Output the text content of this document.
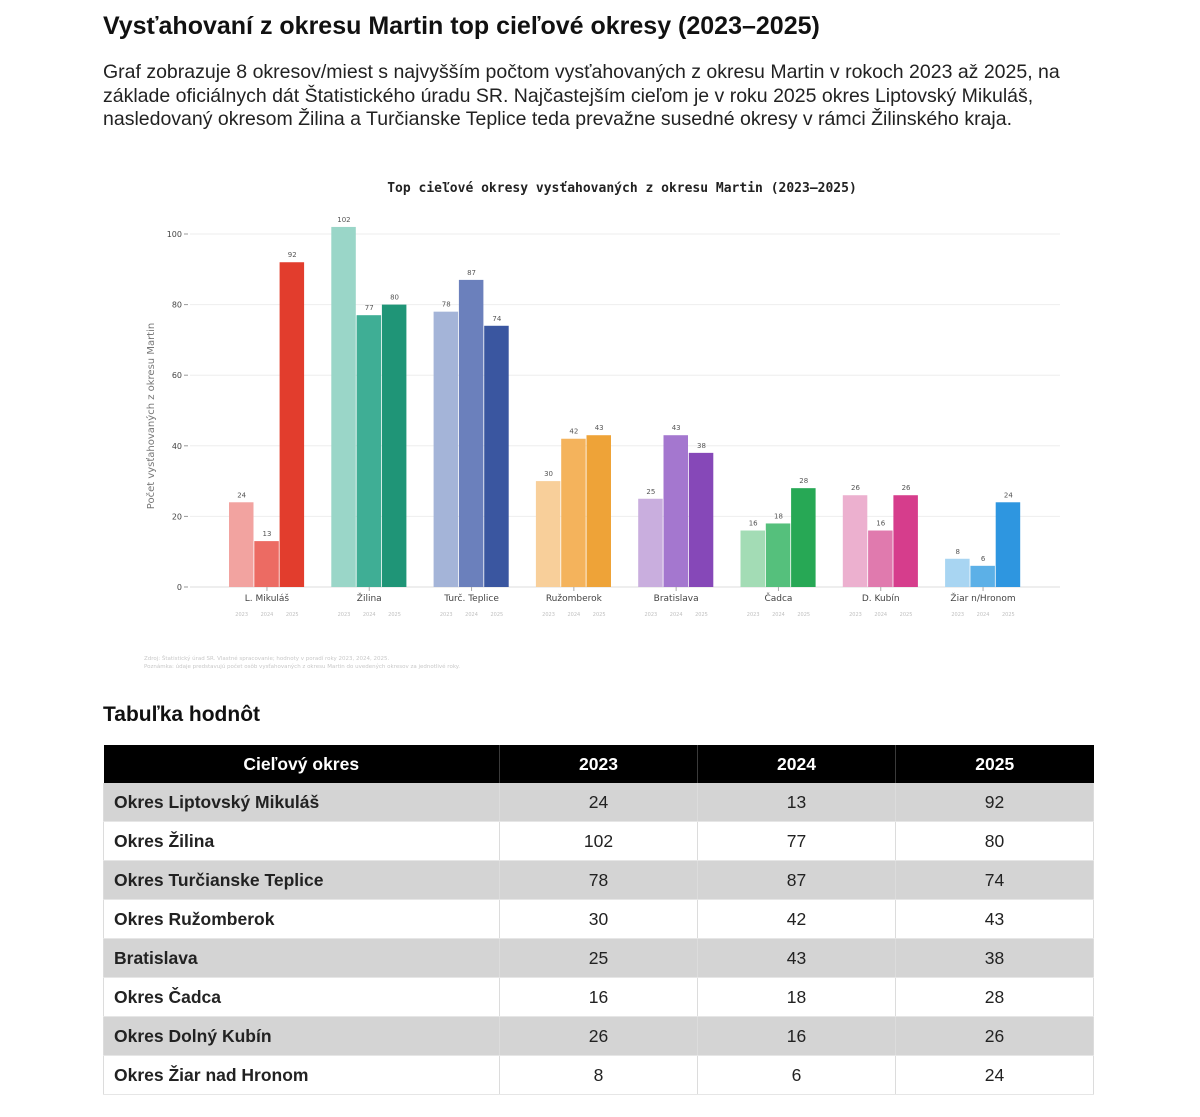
Vysťahovaní z okresu Martin top cieľové okresy (2023–2025)

Graf zobrazuje 8 okresov/miest s najvyšším počtom vysťahovaných z okresu Martin v rokoch 2023 až 2025, na základe oficiálnych dát Štatistického úradu SR. Najčastejším cieľom je v roku 2025 okres Liptovský Mikuláš, nasledovaný okresom Žilina a Turčianske Teplice teda prevažne susedné okresy v rámci Žilinského kraja.

Top cieľové okresy vysťahovaných z okresu Martin (2023–2025)
0
20
40
60
80
100
Počet vysťahovaných z okresu Martin	24
13
92
102
77
80
78
87
74
30
42 43
25
43
38
16
18
28
26
16
26
8
6
24
2023	2024	2025
L. Mikuláš
2023	2024	2025
Žilina
2023	2024	2025
Turč. Teplice
2023	2024	2025
Ružomberok
2023	2024	2025
Bratislava
2023	2024	2025
Čadca
2023	2024	2025
D. Kubín
2023	2024	2025
Žiar n/Hronom
Zdroj: Štatistický úrad SR. Vlastné spracovanie; hodnoty v poradí roky 2023, 2024, 2025.
Poznámka: údaje predstavujú počet osôb vysťahovaných z okresu Martin do uvedených okresov za jednotlivé roky.
Tabuľka hodnôt
Cieľový okres	2023	2024	2025
Okres Liptovský Mikuláš	24	13	92
Okres Žilina	102	77	80
Okres Turčianske Teplice	78	87	74
Okres Ružomberok	30	42	43
Bratislava	25	43	38
Okres Čadca	16	18	28
Okres Dolný Kubín	26	16	26
Okres Žiar nad Hronom	8	6	24
